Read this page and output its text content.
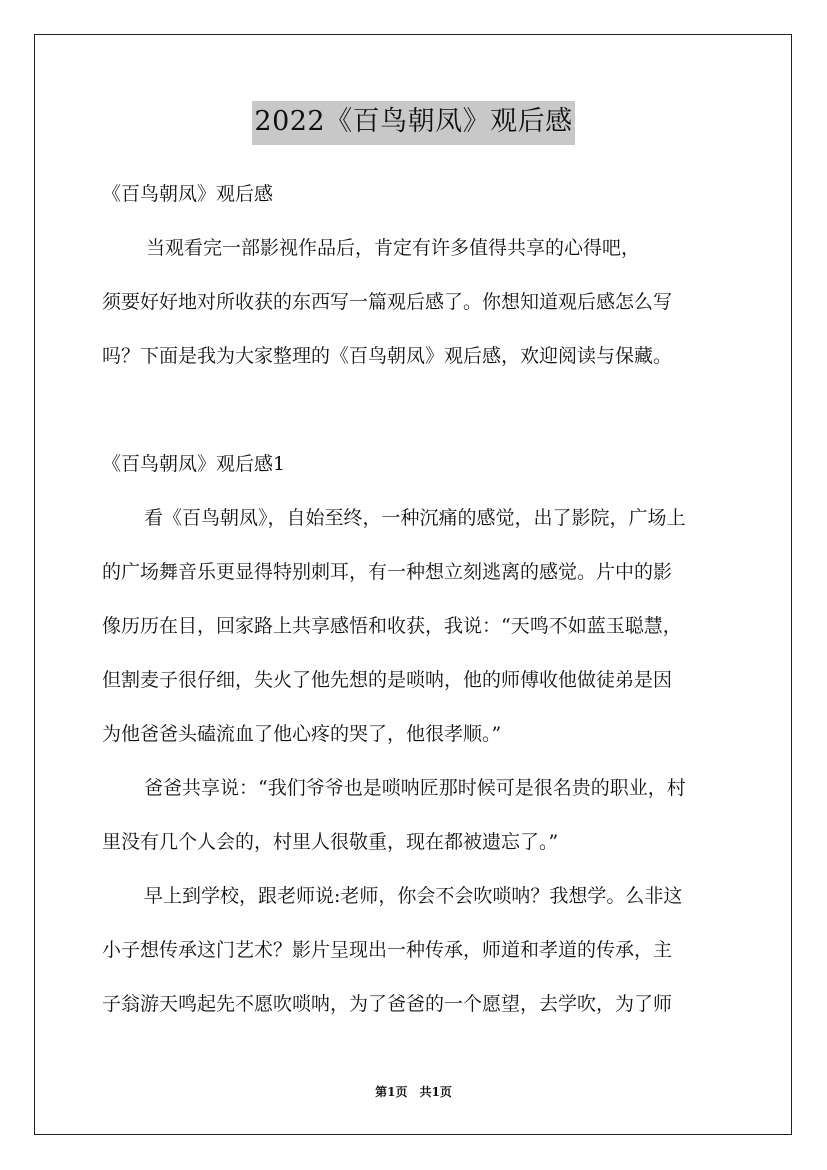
2022《百鸟朝凤》观后感

《百鸟朝凤》观后感

　　当观看完一部影视作品后，肯定有许多值得共享的心得吧，

须要好好地对所收获的东西写一篇观后感了。你想知道观后感怎么写

吗？下面是我为大家整理的《百鸟朝凤》观后感，欢迎阅读与保藏。

《百鸟朝凤》观后感1

　　看《百鸟朝凤》，自始至终，一种沉痛的感觉，出了影院，广场上

的广场舞音乐更显得特别刺耳，有一种想立刻逃离的感觉。片中的影

像历历在目，回家路上共享感悟和收获，我说：“天鸣不如蓝玉聪慧，

但割麦子很仔细，失火了他先想的是唢呐，他的师傅收他做徒弟是因

为他爸爸头磕流血了他心疼的哭了，他很孝顺。”

　　爸爸共享说：“我们爷爷也是唢呐匠那时候可是很名贵的职业，村

里没有几个人会的，村里人很敬重，现在都被遗忘了。”

　　早上到学校，跟老师说:老师，你会不会吹唢呐？我想学。么非这

小子想传承这门艺术？影片呈现出一种传承，师道和孝道的传承，主

子翁游天鸣起先不愿吹唢呐，为了爸爸的一个愿望，去学吹，为了师

第1页　共1页
